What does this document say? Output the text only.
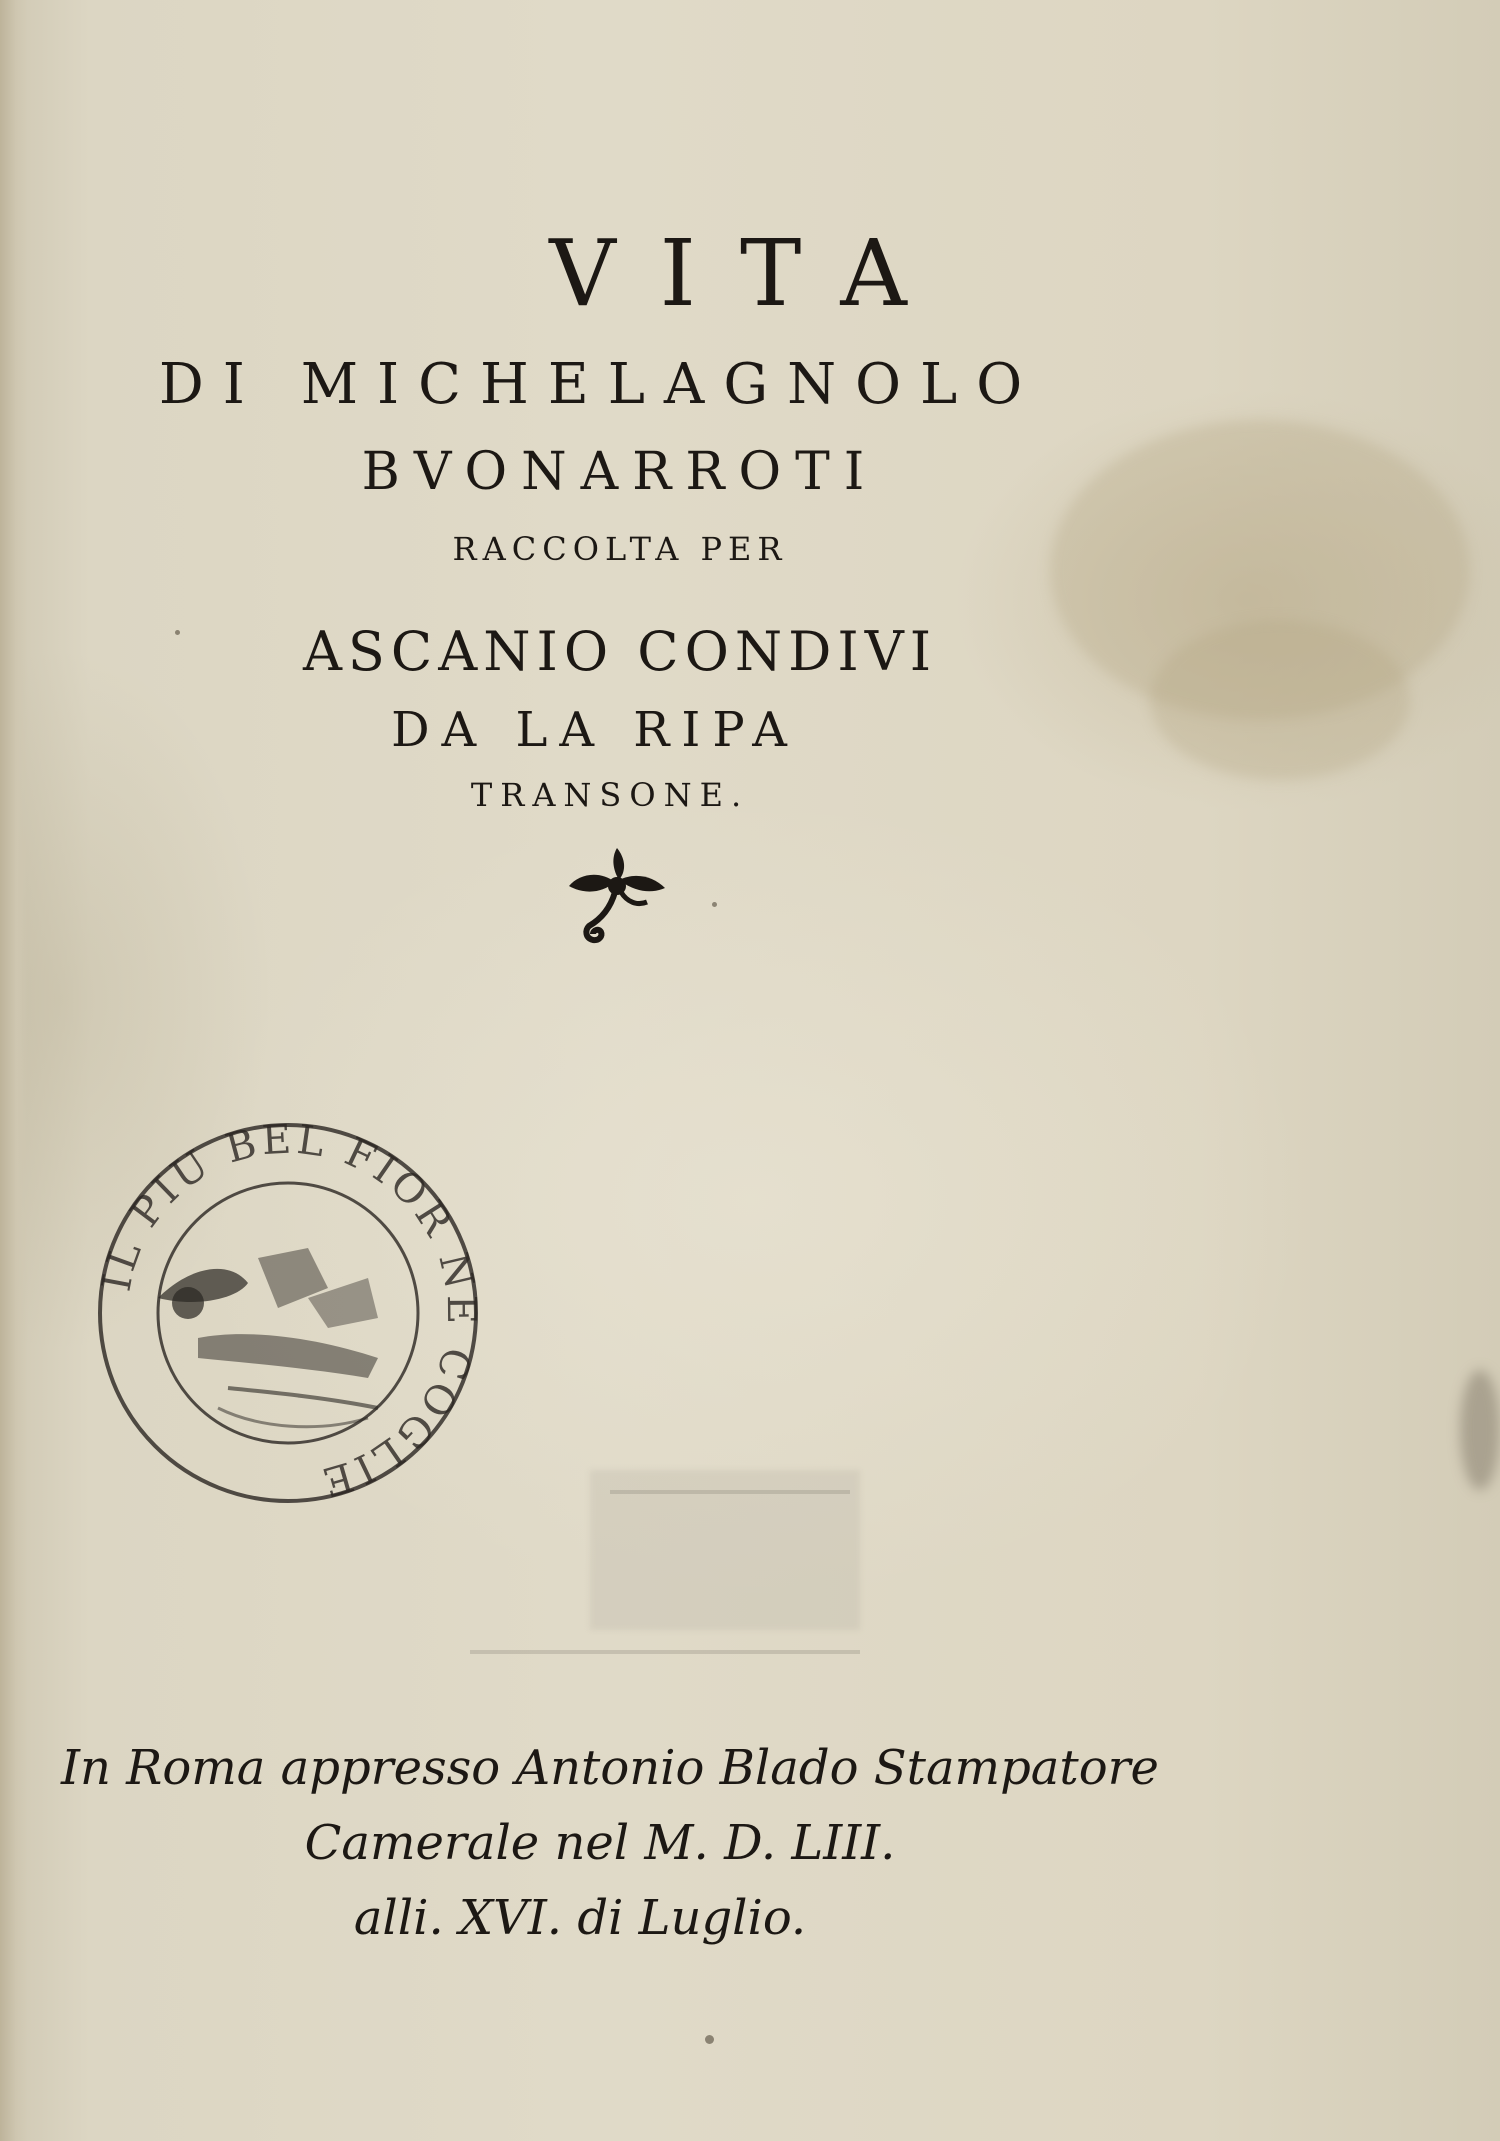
VITA
DI MICHELAGNOLO
BVONARROTI
RACCOLTA PER
ASCANIO CONDIVI
DA LA RIPA
TRANSONE.
IL PIU BEL FIOR NE COGLIE
In Roma appresso Antonio Blado Stampatore
Camerale nel M. D. LIII.
alli. XVI. di Luglio.
